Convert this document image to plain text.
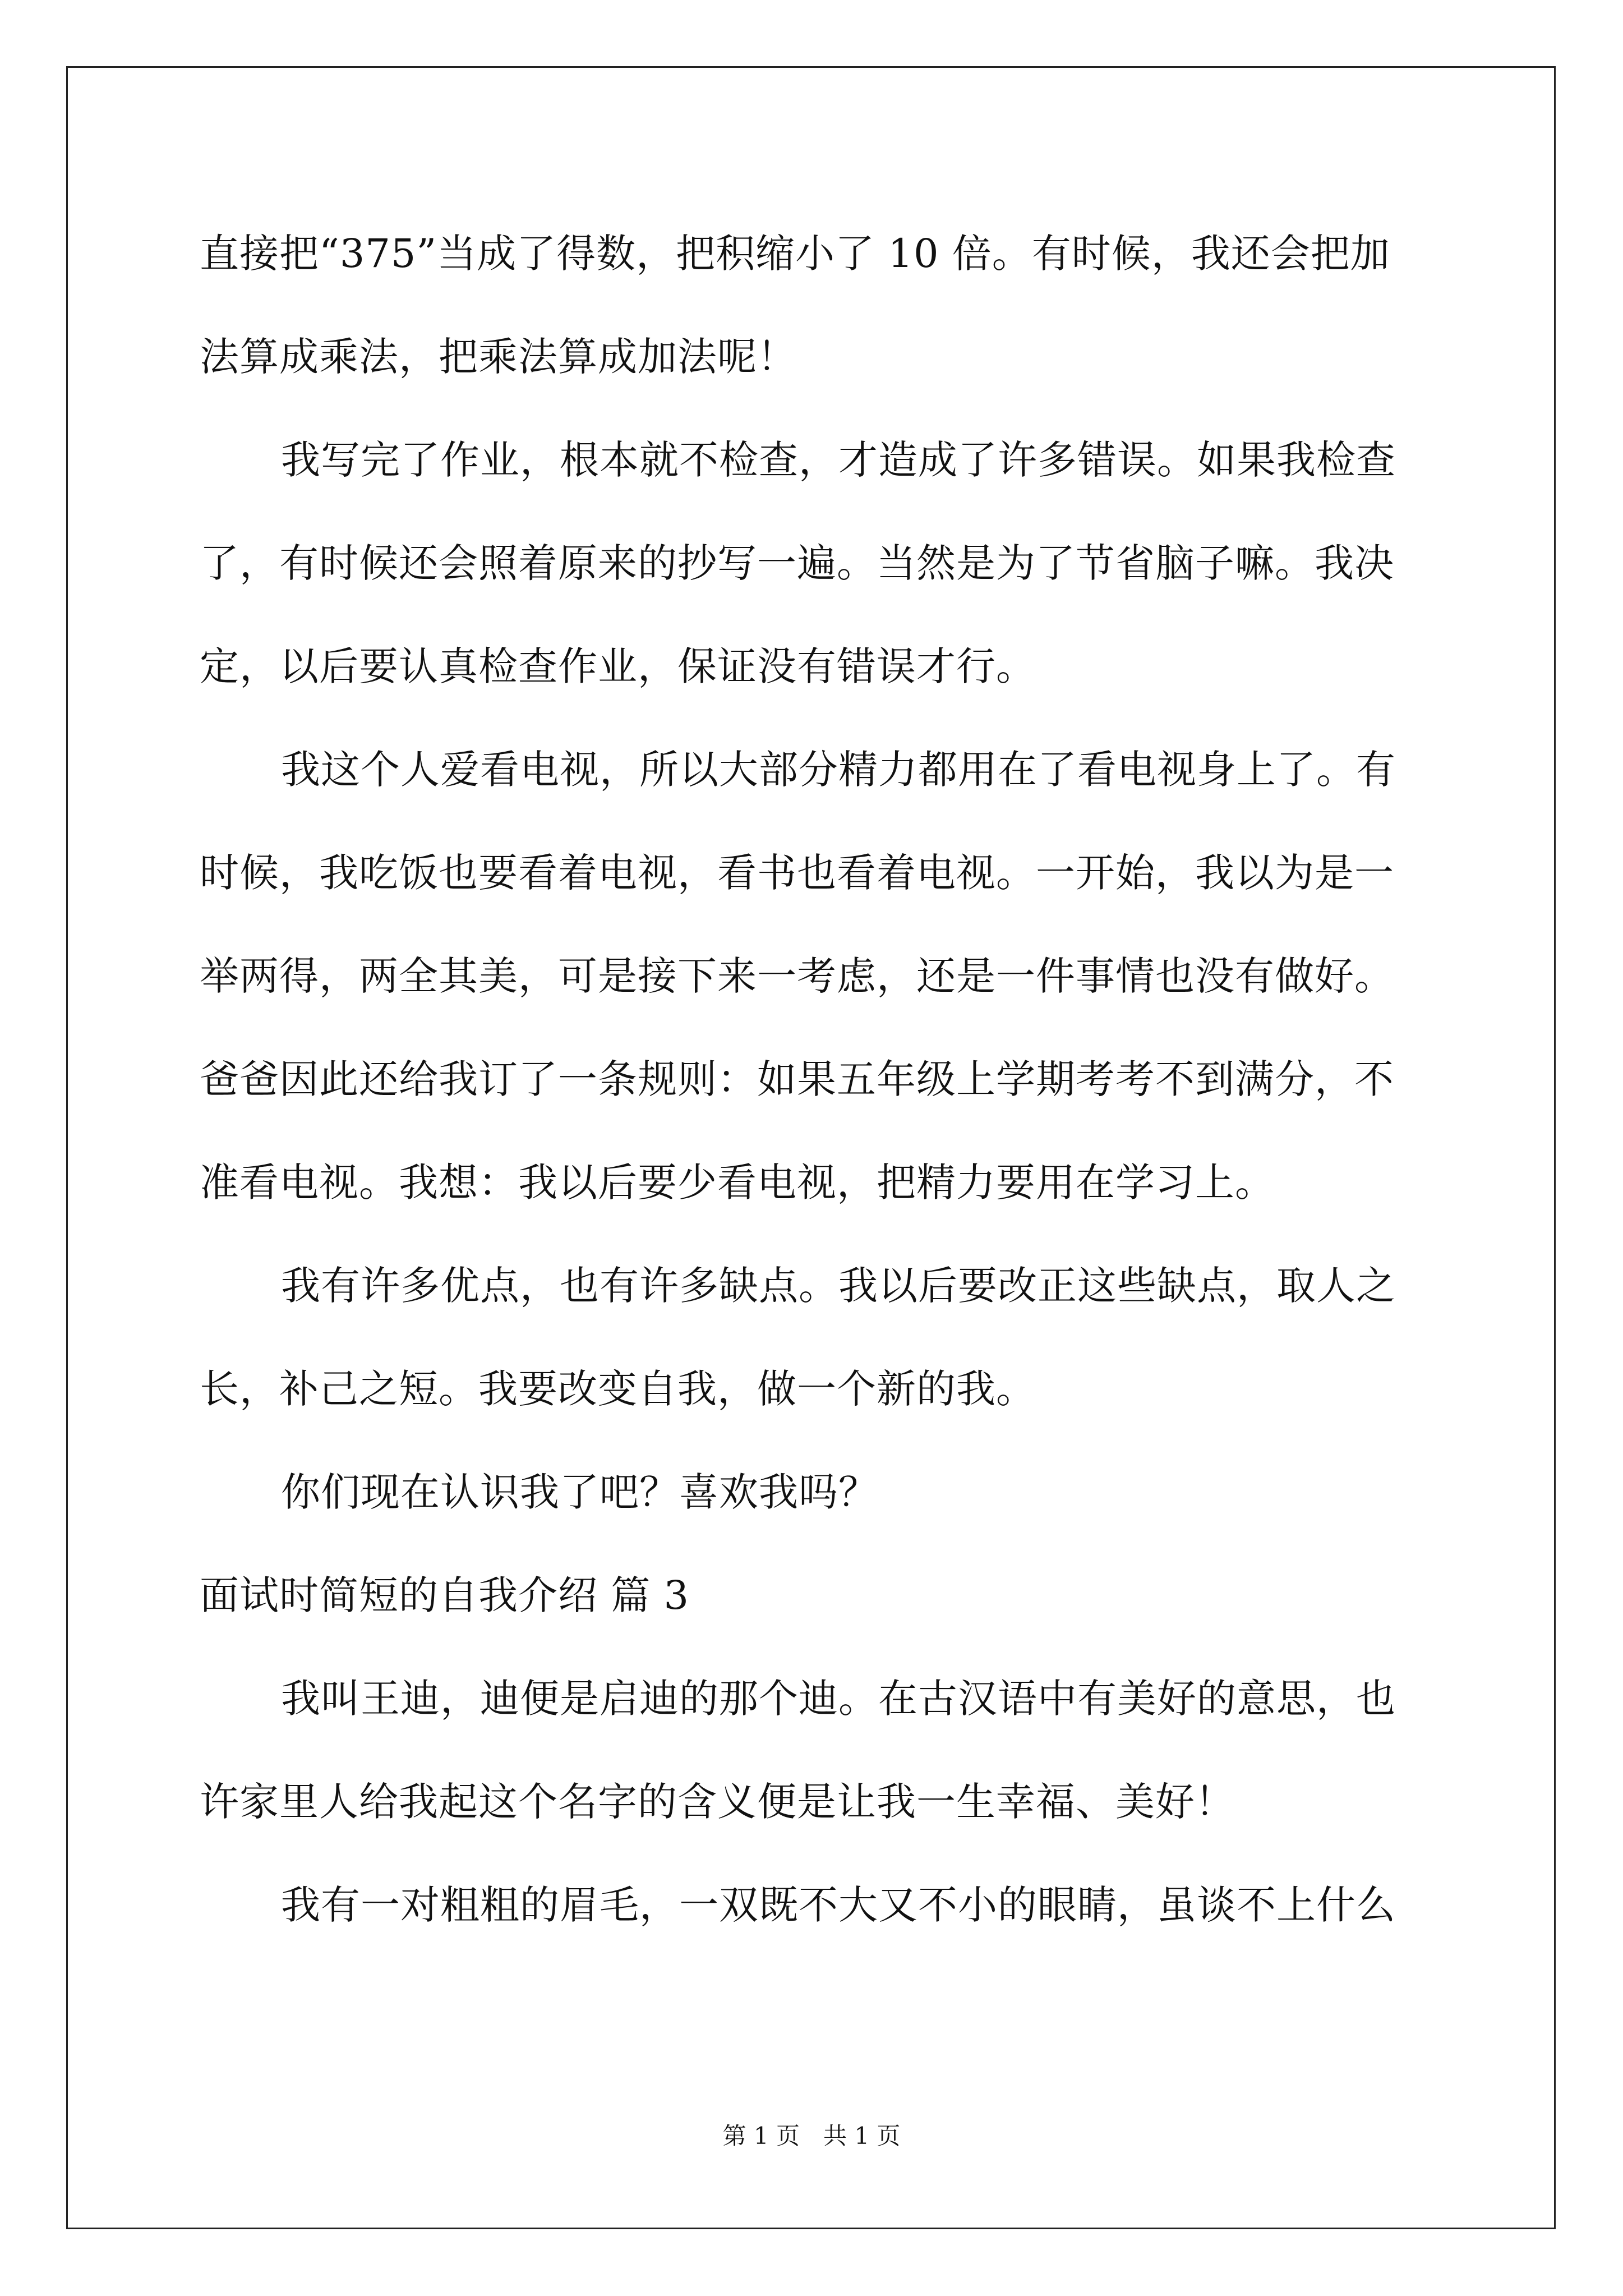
直接把“375”当成了得数，把积缩小了 10 倍。有时候，我还会把加
法算成乘法，把乘法算成加法呢！
我写完了作业，根本就不检查，才造成了许多错误。如果我检查
了，有时候还会照着原来的抄写一遍。当然是为了节省脑子嘛。我决
定，以后要认真检查作业，保证没有错误才行。
我这个人爱看电视，所以大部分精力都用在了看电视身上了。有
时候，我吃饭也要看着电视，看书也看着电视。一开始，我以为是一
举两得，两全其美，可是接下来一考虑，还是一件事情也没有做好。
爸爸因此还给我订了一条规则：如果五年级上学期考考不到满分，不
准看电视。我想：我以后要少看电视，把精力要用在学习上。
我有许多优点，也有许多缺点。我以后要改正这些缺点，取人之
长，补己之短。我要改变自我，做一个新的我。
你们现在认识我了吧？喜欢我吗？
面试时简短的自我介绍 篇 3
我叫王迪，迪便是启迪的那个迪。在古汉语中有美好的意思，也
许家里人给我起这个名字的含义便是让我一生幸福、美好！
我有一对粗粗的眉毛，一双既不大又不小的眼睛，虽谈不上什么
第 1 页　共 1 页
